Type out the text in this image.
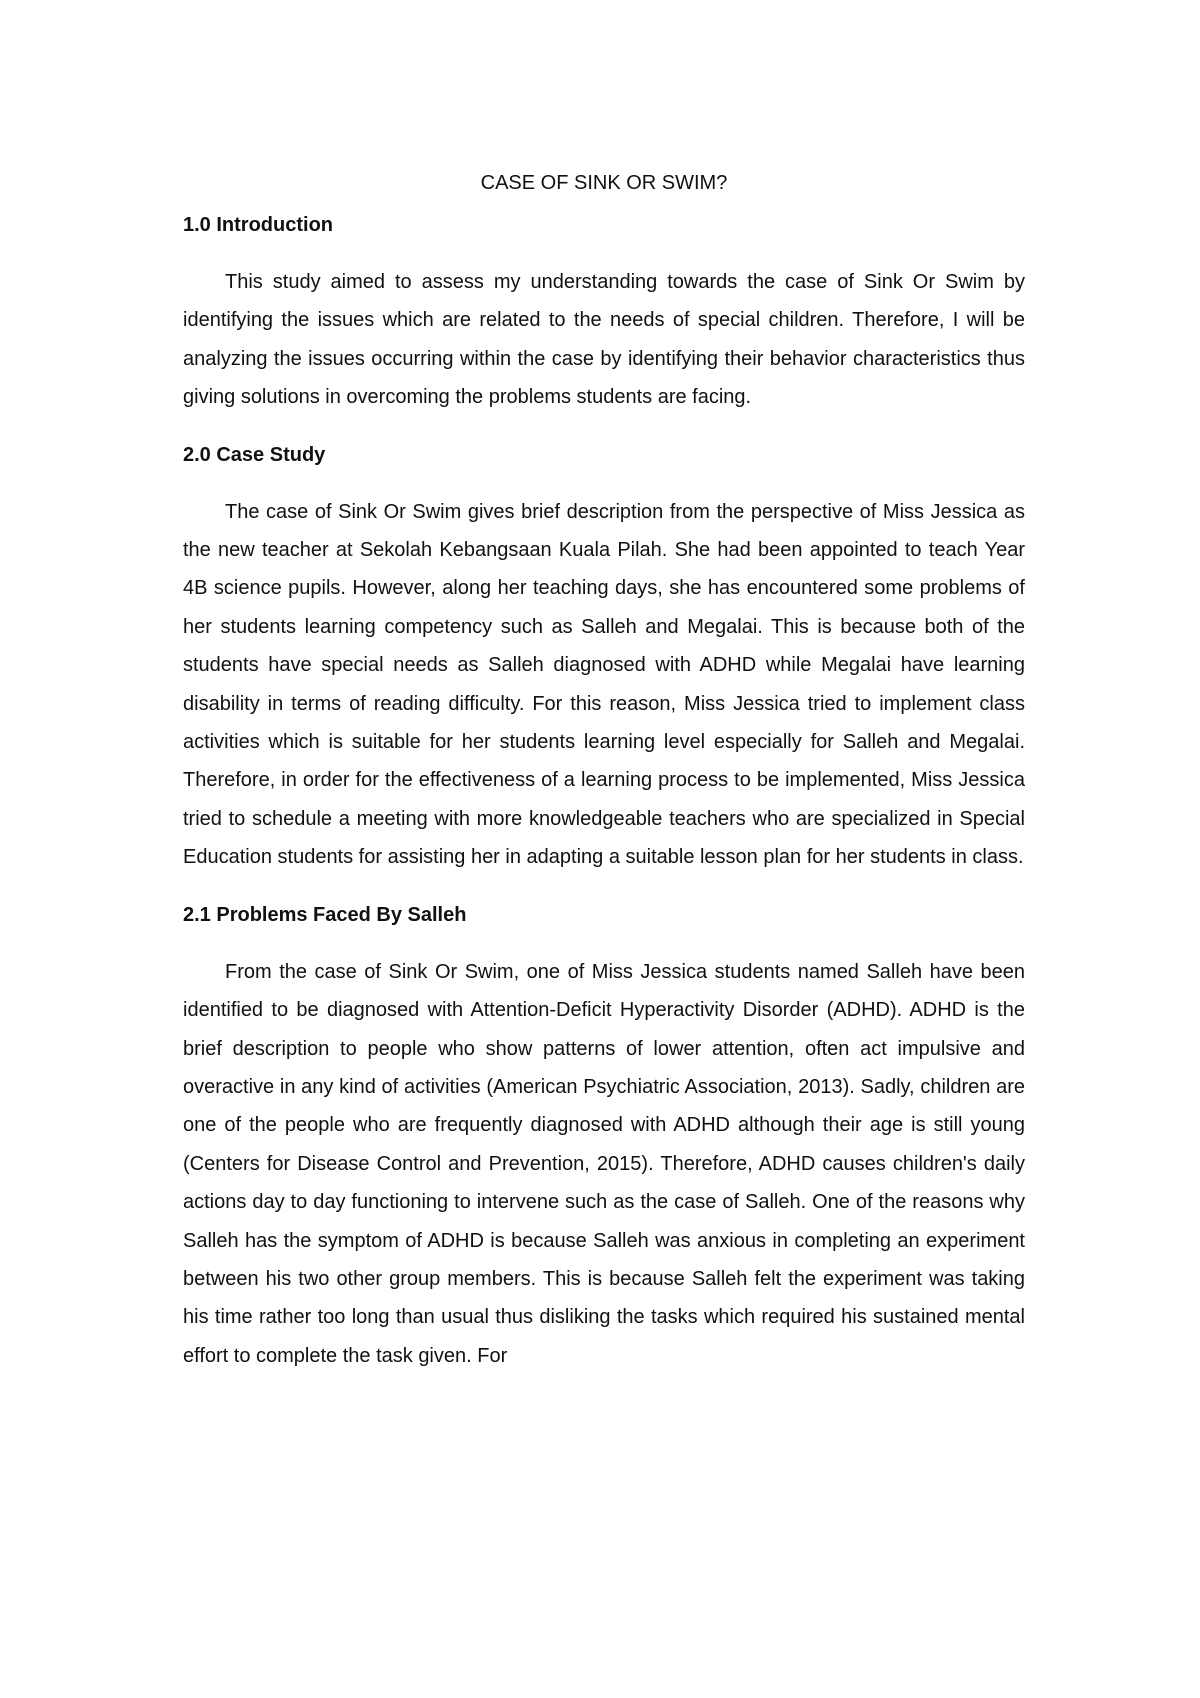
CASE OF SINK OR SWIM?
1.0 Introduction

This study aimed to assess my understanding towards the case of Sink Or Swim by identifying the issues which are related to the needs of special children. Therefore, I will be analyzing the issues occurring within the case by identifying their behavior characteristics thus giving solutions in overcoming the problems students are facing.

2.0 Case Study

The case of Sink Or Swim gives brief description from the perspective of Miss Jessica as the new teacher at Sekolah Kebangsaan Kuala Pilah. She had been appointed to teach Year 4B science pupils. However, along her teaching days, she has encountered some problems of her students learning competency such as Salleh and Megalai. This is because both of the students have special needs as Salleh diagnosed with ADHD while Megalai have learning disability in terms of reading difficulty. For this reason, Miss Jessica tried to implement class activities which is suitable for her students learning level especially for Salleh and Megalai. Therefore, in order for the effectiveness of a learning process to be implemented, Miss Jessica tried to schedule a meeting with more knowledgeable teachers who are specialized in Special Education students for assisting her in adapting a suitable lesson plan for her students in class.

2.1 Problems Faced By Salleh

From the case of Sink Or Swim, one of Miss Jessica students named Salleh have been identified to be diagnosed with Attention-Deficit Hyperactivity Disorder (ADHD). ADHD is the brief description to people who show patterns of lower attention, often act impulsive and overactive in any kind of activities (American Psychiatric Association, 2013). Sadly, children are one of the people who are frequently diagnosed with ADHD although their age is still young (Centers for Disease Control and Prevention, 2015). Therefore, ADHD causes children's daily actions day to day functioning to intervene such as the case of Salleh. One of the reasons why Salleh has the symptom of ADHD is because Salleh was anxious in completing an experiment between his two other group members. This is because Salleh felt the experiment was taking his time rather too long than usual thus disliking the tasks which required his sustained mental effort to complete the task given. For
